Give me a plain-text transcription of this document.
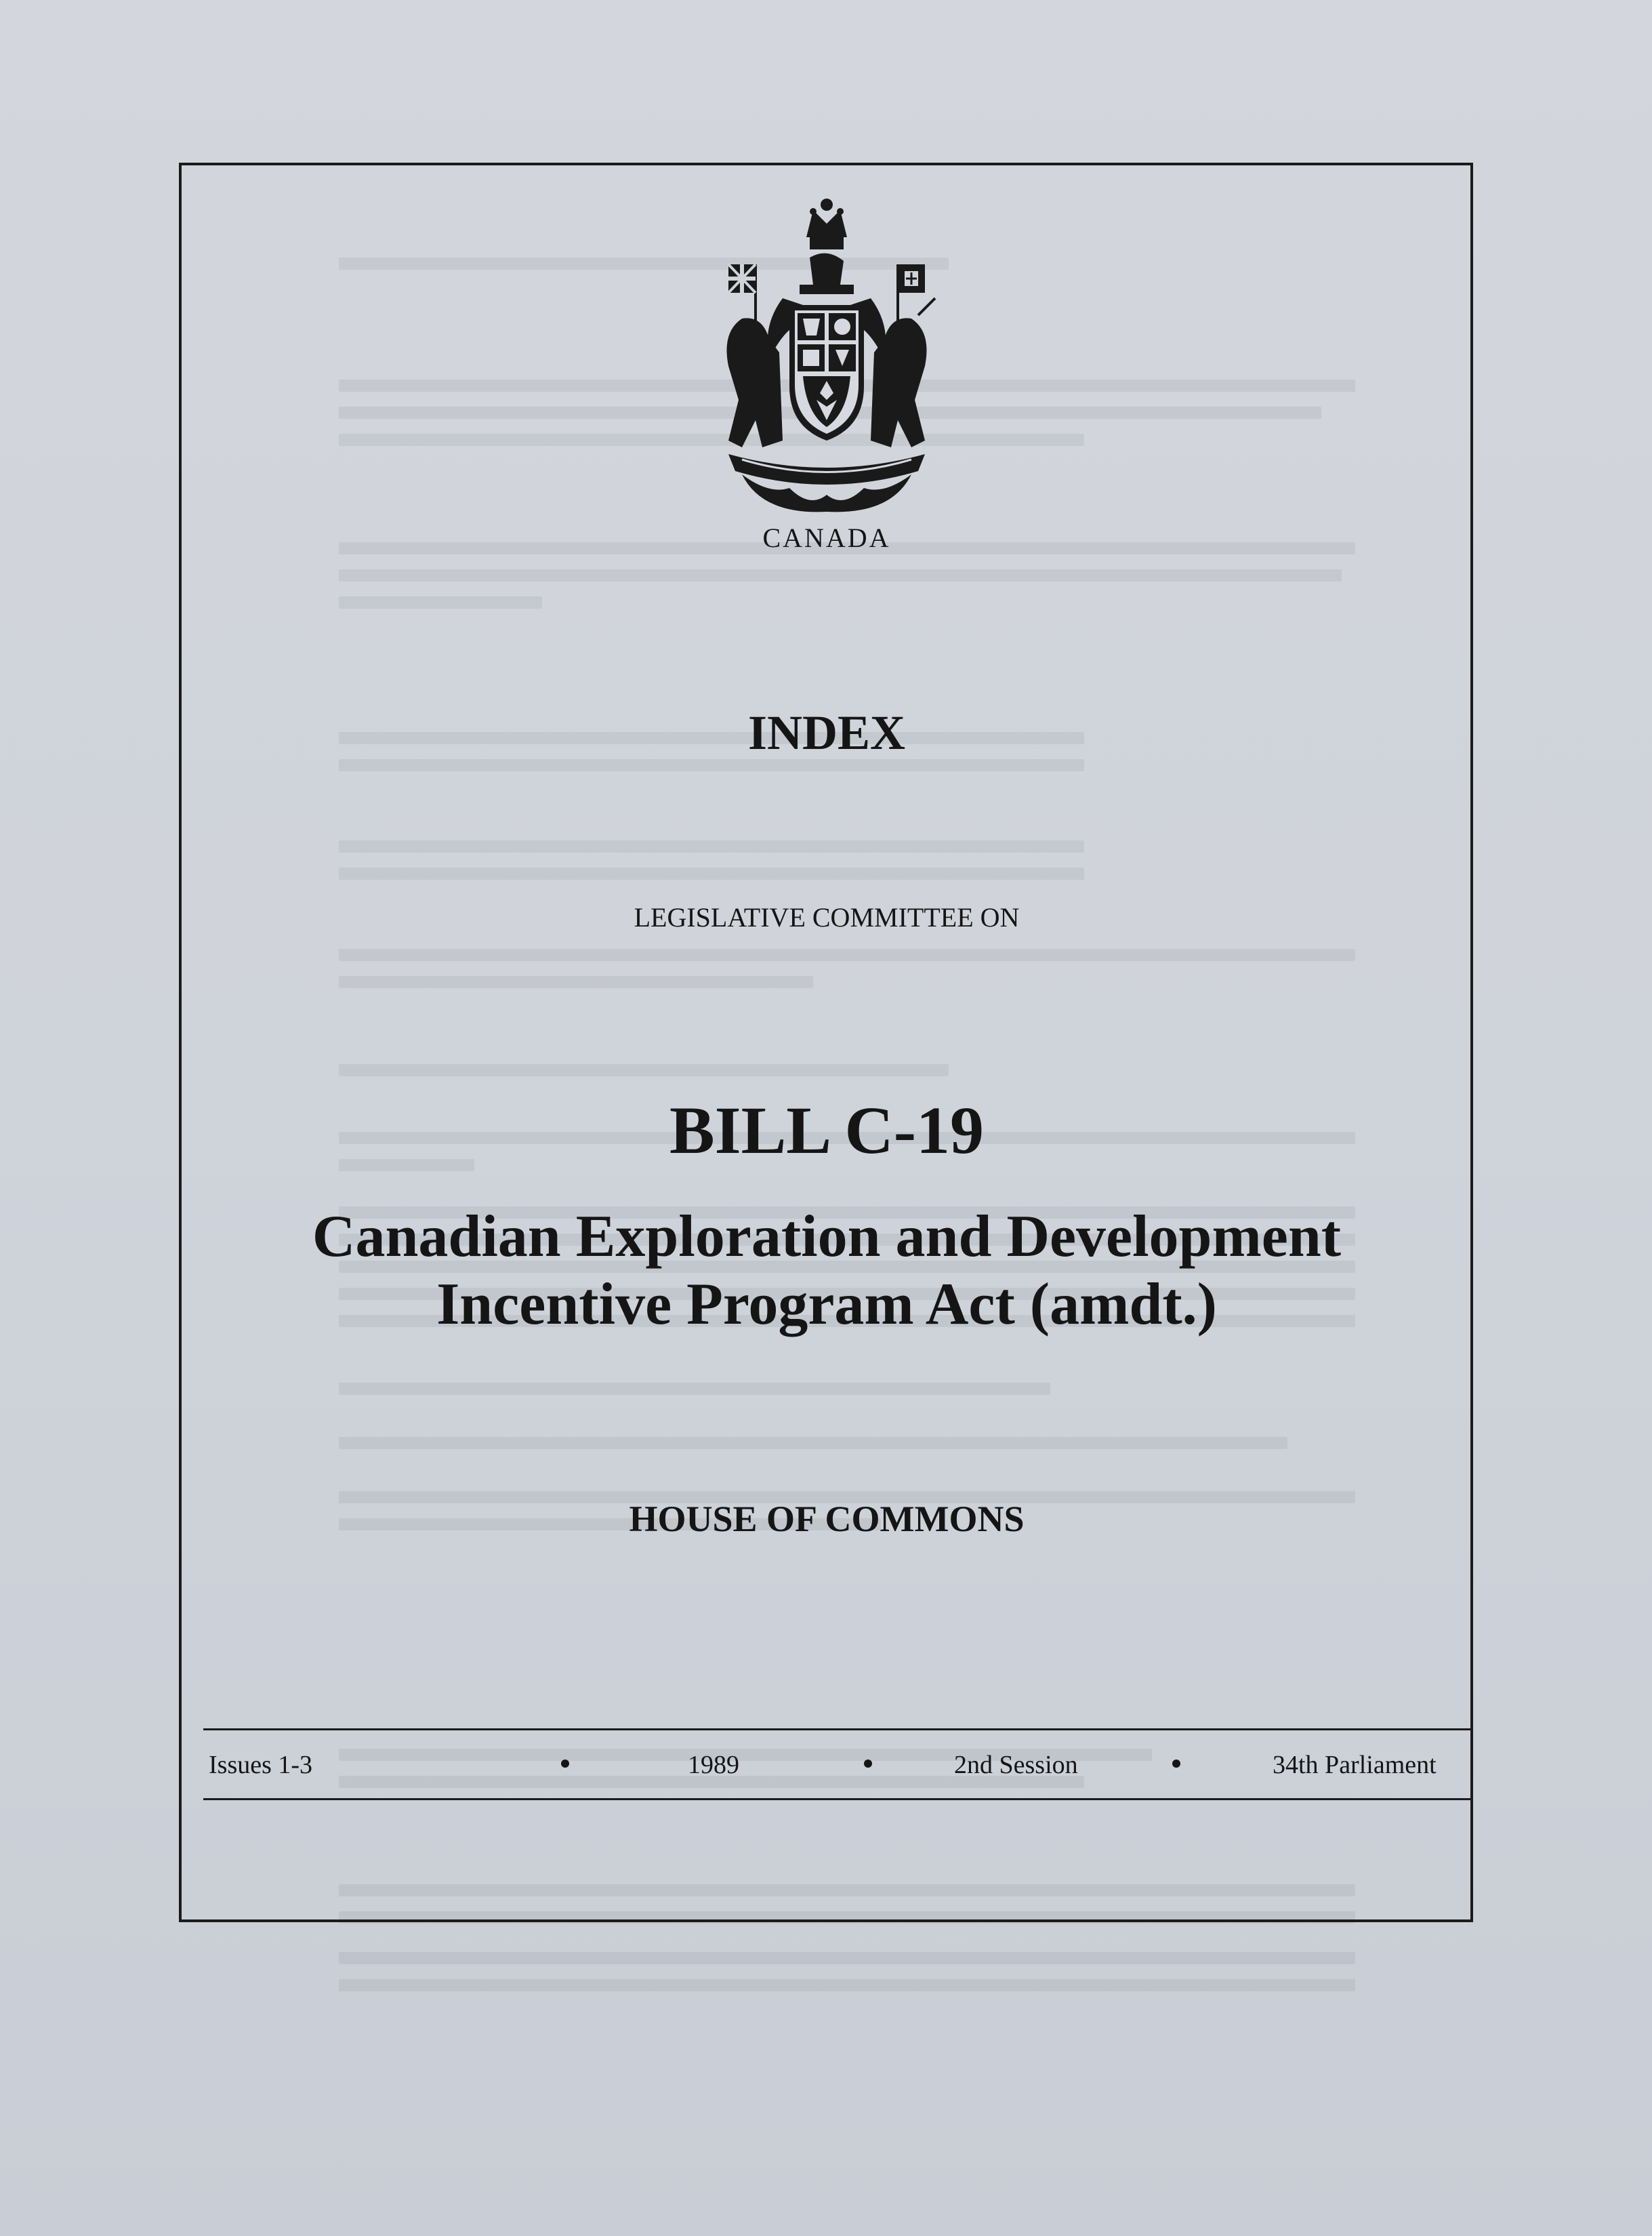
CANADA
INDEX
LEGISLATIVE COMMITTEE ON
BILL C-19
Canadian Exploration and Development
Incentive Program Act (amdt.)
HOUSE OF COMMONS
Issues 1-3	1989	2nd Session	34th Parliament
